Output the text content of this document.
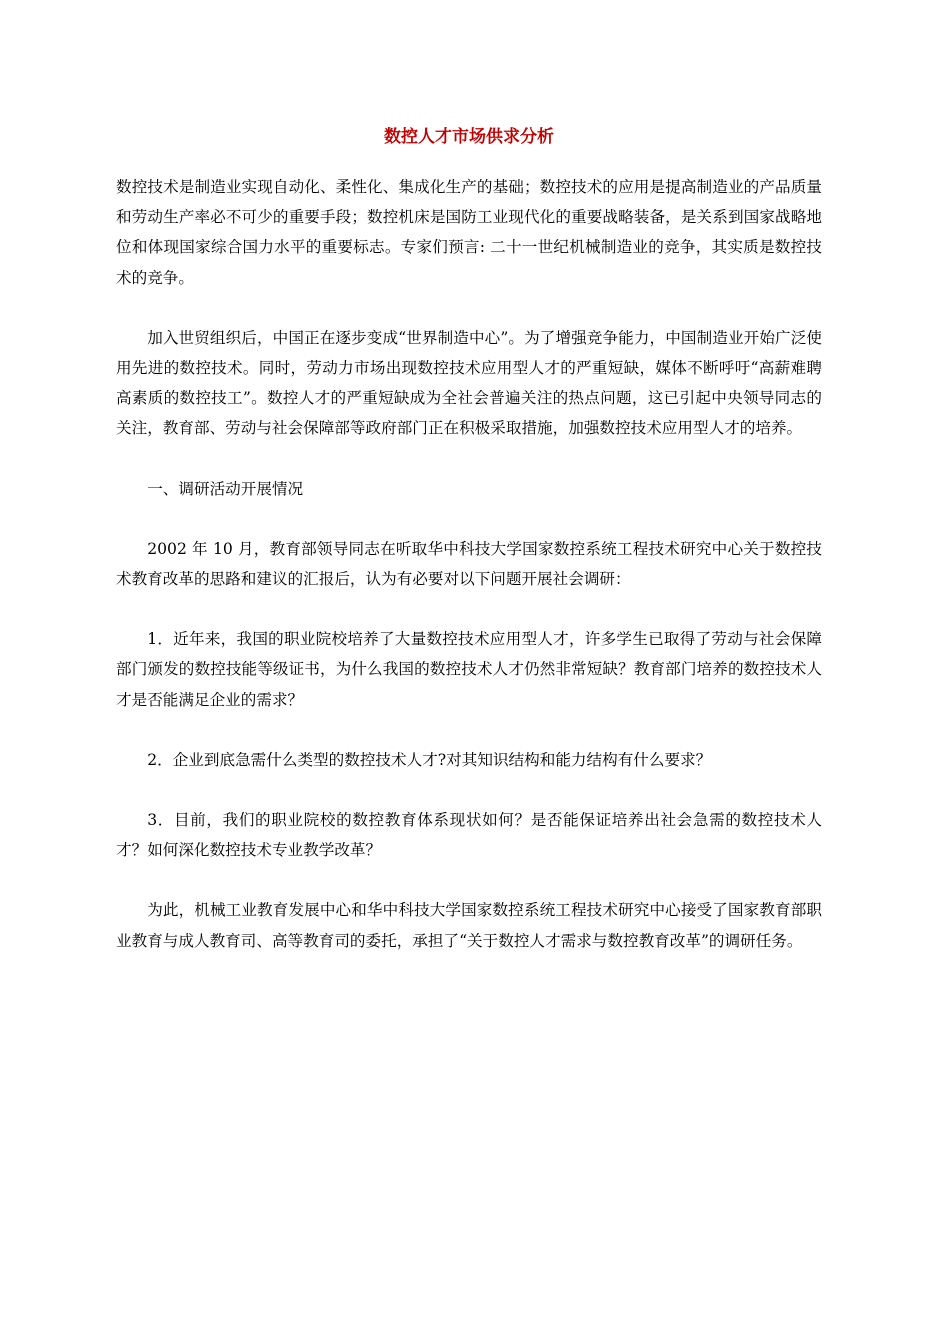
数控人才市场供求分析

数控技术是制造业实现自动化、柔性化、集成化生产的基础；数控技术的应用是提高制造业的产品质量和劳动生产率必不可少的重要手段；数控机床是国防工业现代化的重要战略装备，是关系到国家战略地位和体现国家综合国力水平的重要标志。专家们预言: 二十一世纪机械制造业的竞争，其实质是数控技术的竞争。

加入世贸组织后，中国正在逐步变成“世界制造中心”。为了增强竞争能力，中国制造业开始广泛使用先进的数控技术。同时，劳动力市场出现数控技术应用型人才的严重短缺，媒体不断呼吁“高薪难聘高素质的数控技工”。数控人才的严重短缺成为全社会普遍关注的热点问题，这已引起中央领导同志的关注，教育部、劳动与社会保障部等政府部门正在积极采取措施，加强数控技术应用型人才的培养。

一、调研活动开展情况

2002 年 10 月，教育部领导同志在听取华中科技大学国家数控系统工程技术研究中心关于数控技术教育改革的思路和建议的汇报后，认为有必要对以下问题开展社会调研：

1．近年来，我国的职业院校培养了大量数控技术应用型人才，许多学生已取得了劳动与社会保障部门颁发的数控技能等级证书，为什么我国的数控技术人才仍然非常短缺？教育部门培养的数控技术人才是否能满足企业的需求？

2．企业到底急需什么类型的数控技术人才?对其知识结构和能力结构有什么要求？

3．目前，我们的职业院校的数控教育体系现状如何？是否能保证培养出社会急需的数控技术人才？如何深化数控技术专业教学改革？

为此，机械工业教育发展中心和华中科技大学国家数控系统工程技术研究中心接受了国家教育部职业教育与成人教育司、高等教育司的委托，承担了“关于数控人才需求与数控教育改革”的调研任务。
